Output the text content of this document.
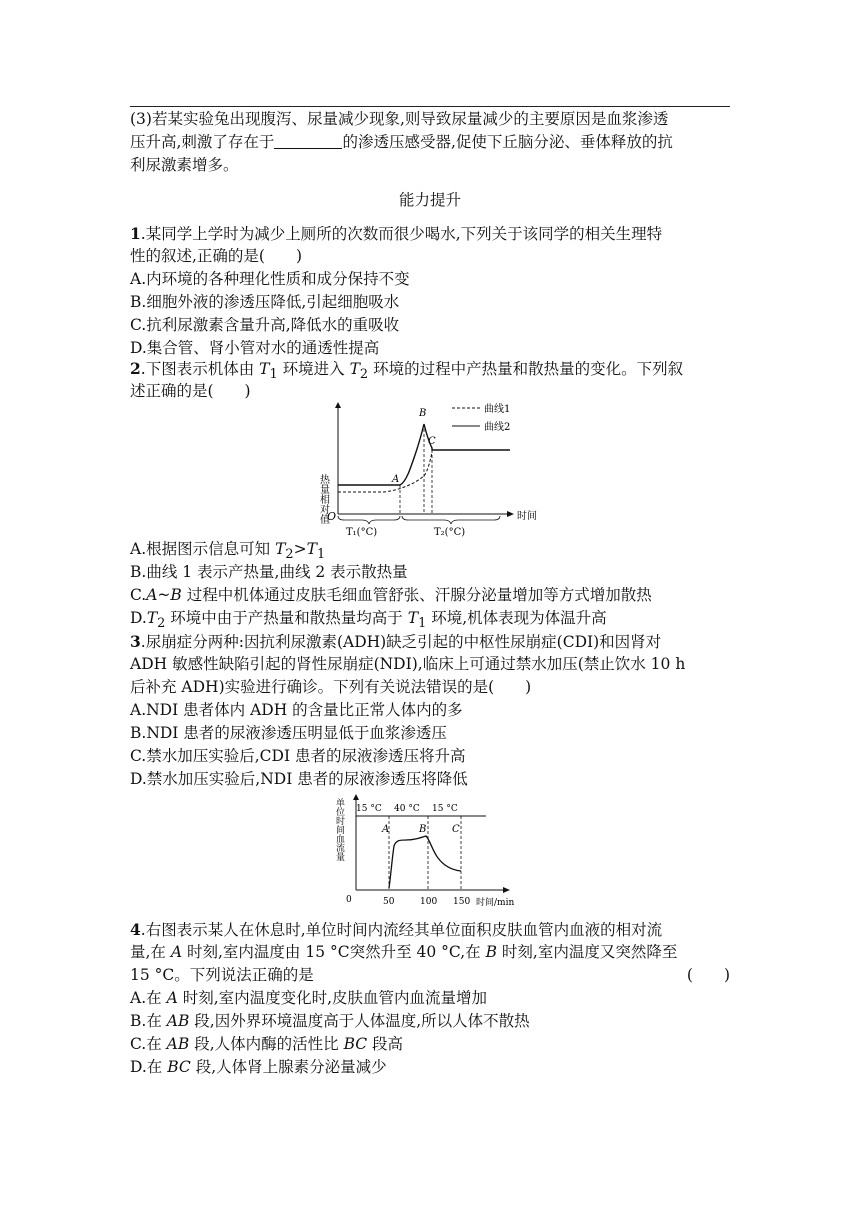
(3)若某实验兔出现腹泻、尿量减少现象,则导致尿量减少的主要原因是血浆渗透
压升高,刺激了存在于	的渗透压感受器,促使下丘脑分泌、垂体释放的抗
利尿激素增多。
能力提升
1.某同学上学时为减少上厕所的次数而很少喝水,下列关于该同学的相关生理特
性的叙述,正确的是(　　)
A.内环境的各种理化性质和成分保持不变
B.细胞外液的渗透压降低,引起细胞吸水
C.抗利尿激素含量升高,降低水的重吸收
D.集合管、肾小管对水的通透性提高
2.下图表示机体由 $T_1$ 环境进入 $T_2$ 环境的过程中产热量和散热量的变化。下列叙
述正确的是(　　)
热量相对值	时间
O
A
B
C
曲线1
曲线2
T₁(°C)	T₂(°C)
A.根据图示信息可知 $T_2>T_1$
B.曲线 1 表示产热量,曲线 2 表示散热量
C.A~B 过程中机体通过皮肤毛细血管舒张、汗腺分泌量增加等方式增加散热
$D.T_2$ 环境中由于产热量和散热量均高于 $T_1$ 环境,机体表现为体温升高
3.尿崩症分两种:因抗利尿激素(ADH)缺乏引起的中枢性尿崩症(CDI)和因肾对
ADH 敏感性缺陷引起的肾性尿崩症(NDI),临床上可通过禁水加压(禁止饮水 10 h
后补充 ADH)实验进行确诊。下列有关说法错误的是(　　)
A.NDI 患者体内 ADH 的含量比正常人体内的多
B.NDI 患者的尿液渗透压明显低于血浆渗透压
C.禁水加压实验后,CDI 患者的尿液渗透压将升高
D.禁水加压实验后,NDI 患者的尿液渗透压将降低
单位时间血流量
时间/min
A	B	C
15 °C 40 °C 15 °C
0	50	100 150
4.右图表示某人在休息时,单位时间内流经其单位面积皮肤血管内血液的相对流
量,在 A 时刻,室内温度由 15 °C突然升至 40 °C,在 B 时刻,室内温度又突然降至
15 °C。下列说法正确的是	(　　)
A.在 A 时刻,室内温度变化时,皮肤血管内血流量增加
B.在 AB 段,因外界环境温度高于人体温度,所以人体不散热
C.在 AB 段,人体内酶的活性比 BC 段高
D.在 BC 段,人体肾上腺素分泌量减少
